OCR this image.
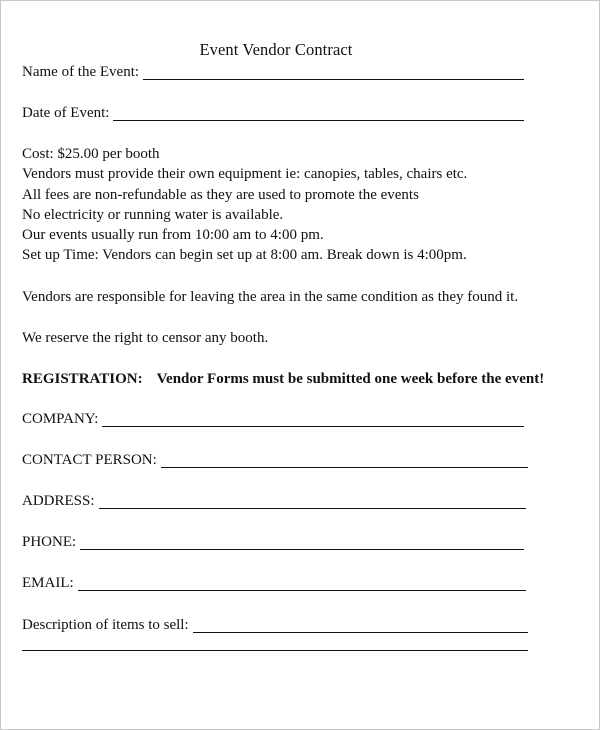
Event Vendor Contract
Name of the Event:
Date of Event:
Cost: $25.00 per booth
Vendors must provide their own equipment ie: canopies, tables, chairs etc.
All fees are non-refundable as they are used to promote the events
No electricity or running water is available.
Our events usually run from 10:00 am to 4:00 pm.
Set up Time: Vendors can begin set up at 8:00 am. Break down is 4:00pm.
Vendors are responsible for leaving the area in the same condition as they found it.
We reserve the right to censor any booth.
REGISTRATION: Vendor Forms must be submitted one week before the event!
COMPANY:
CONTACT PERSON:
ADDRESS:
PHONE:
EMAIL:
Description of items to sell:
